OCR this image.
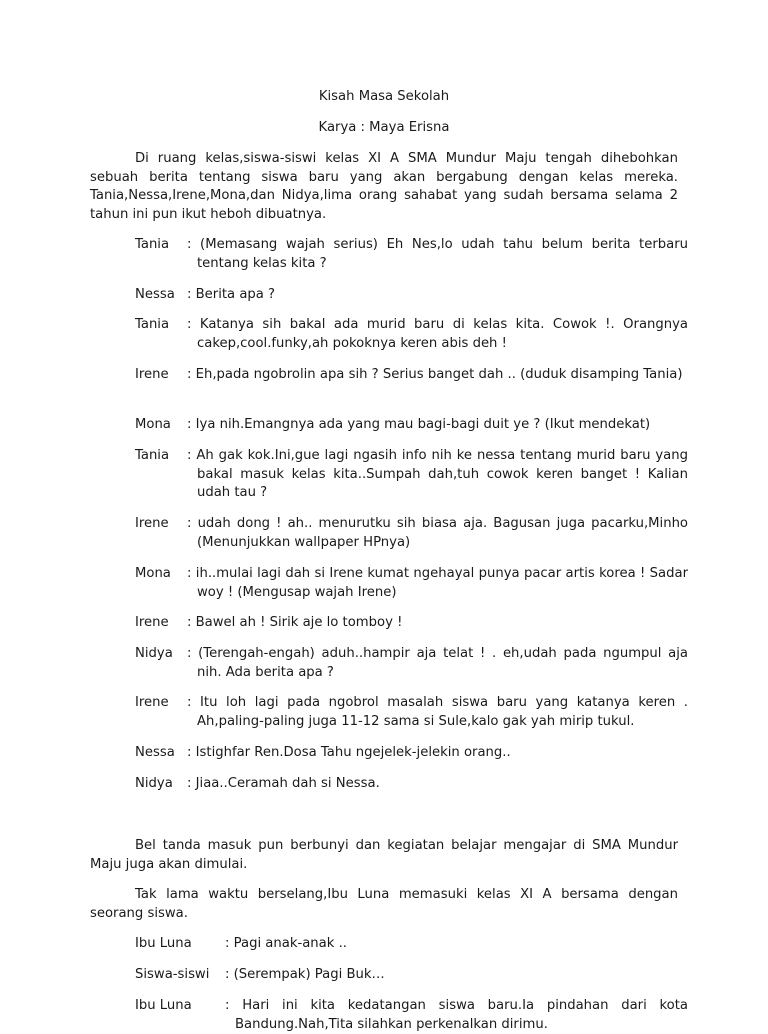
Kisah Masa Sekolah
Karya : Maya Erisna
Di ruang kelas,siswa-siswi kelas XI A SMA Mundur Maju tengah dihebohkan sebuah berita tentang siswa baru yang akan bergabung dengan kelas mereka. Tania,Nessa,Irene,Mona,dan Nidya,lima orang sahabat yang sudah bersama selama 2 tahun ini pun ikut heboh dibuatnya.
Tania : (Memasang wajah serius) Eh Nes,lo udah tahu belum berita terbaru tentang kelas kita ?
Nessa : Berita apa ?
Tania : Katanya sih bakal ada murid baru di kelas kita. Cowok !. Orangnya cakep,cool.funky,ah pokoknya keren abis deh !
Irene : Eh,pada ngobrolin apa sih ? Serius banget dah .. (duduk disamping Tania)
Mona : Iya nih.Emangnya ada yang mau bagi-bagi duit ye ? (Ikut mendekat)
Tania : Ah gak kok.Ini,gue lagi ngasih info nih ke nessa tentang murid baru yang bakal masuk kelas kita..Sumpah dah,tuh cowok keren banget ! Kalian udah tau ?
Irene : udah dong ! ah.. menurutku sih biasa aja. Bagusan juga pacarku,Minho (Menunjukkan wallpaper HPnya)
Mona : ih..mulai lagi dah si Irene kumat ngehayal punya pacar artis korea ! Sadar woy ! (Mengusap wajah Irene)
Irene : Bawel ah ! Sirik aje lo tomboy !
Nidya : (Terengah-engah) aduh..hampir aja telat ! . eh,udah pada ngumpul aja nih. Ada berita apa ?
Irene : Itu loh lagi pada ngobrol masalah siswa baru yang katanya keren . Ah,paling-paling juga 11-12 sama si Sule,kalo gak yah mirip tukul.
Nessa : Istighfar Ren.Dosa Tahu ngejelek-jelekin orang..
Nidya : Jiaa..Ceramah dah si Nessa.
Bel tanda masuk pun berbunyi dan kegiatan belajar mengajar di SMA Mundur Maju juga akan dimulai.
Tak lama waktu berselang,Ibu Luna memasuki kelas XI A bersama dengan seorang siswa.
Ibu Luna	: Pagi anak-anak ..
Siswa-siswi : (Serempak) Pagi Buk…
Ibu Luna	: Hari ini kita kedatangan siswa baru.Ia pindahan dari kota Bandung.Nah,Tita silahkan perkenalkan dirimu.
